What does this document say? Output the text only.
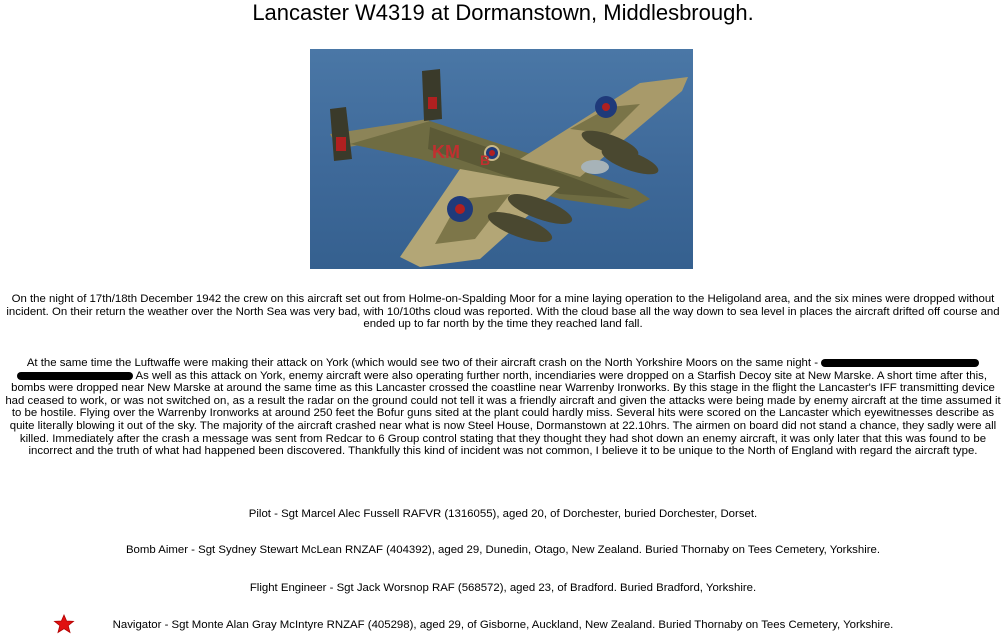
Lancaster W4319 at Dormanstown, Middlesbrough.
KM B

On the night of 17th/18th December 1942 the crew on this aircraft set out from Holme-on-Spalding Moor for a mine laying operation to the Heligoland area, and the six mines were dropped without incident. On their return the weather over the North Sea was very bad, with 10/10ths cloud was reported. With the cloud base all the way down to sea level in places the aircraft drifted off course and ended up to far north by the time they reached land fall.

At the same time the Luftwaffe were making their attack on York (which would see two of their aircraft crash on the North Yorkshire Moors on the same night -
As well as this attack on York, enemy aircraft were also operating further north, incendiaries were dropped on a Starfish Decoy site at New Marske. A short time after this, bombs were dropped near New Marske at around the same time as this Lancaster crossed the coastline near Warrenby Ironworks. By this stage in the flight the Lancaster's IFF transmitting device had ceased to work, or was not switched on, as a result the radar on the ground could not tell it was a friendly aircraft and given the attacks were being made by enemy aircraft at the time assumed it to be hostile. Flying over the Warrenby Ironworks at around 250 feet the Bofur guns sited at the plant could hardly miss. Several hits were scored on the Lancaster which eyewitnesses describe as quite literally blowing it out of the sky. The majority of the aircraft crashed near what is now Steel House, Dormanstown at 22.10hrs. The airmen on board did not stand a chance, they sadly were all killed. Immediately after the crash a message was sent from Redcar to 6 Group control stating that they thought they had shot down an enemy aircraft, it was only later that this was found to be incorrect and the truth of what had happened been discovered. Thankfully this kind of incident was not common, I believe it to be unique to the North of England with regard the aircraft type.

Pilot - Sgt Marcel Alec Fussell RAFVR (1316055), aged 20, of Dorchester, buried Dorchester, Dorset.

Bomb Aimer - Sgt Sydney Stewart McLean RNZAF (404392), aged 29, Dunedin, Otago, New Zealand. Buried Thornaby on Tees Cemetery, Yorkshire.

Flight Engineer - Sgt Jack Worsnop RAF (568572), aged 23, of Bradford. Buried Bradford, Yorkshire.

Navigator - Sgt Monte Alan Gray McIntyre RNZAF (405298), aged 29, of Gisborne, Auckland, New Zealand. Buried Thornaby on Tees Cemetery, Yorkshire.
